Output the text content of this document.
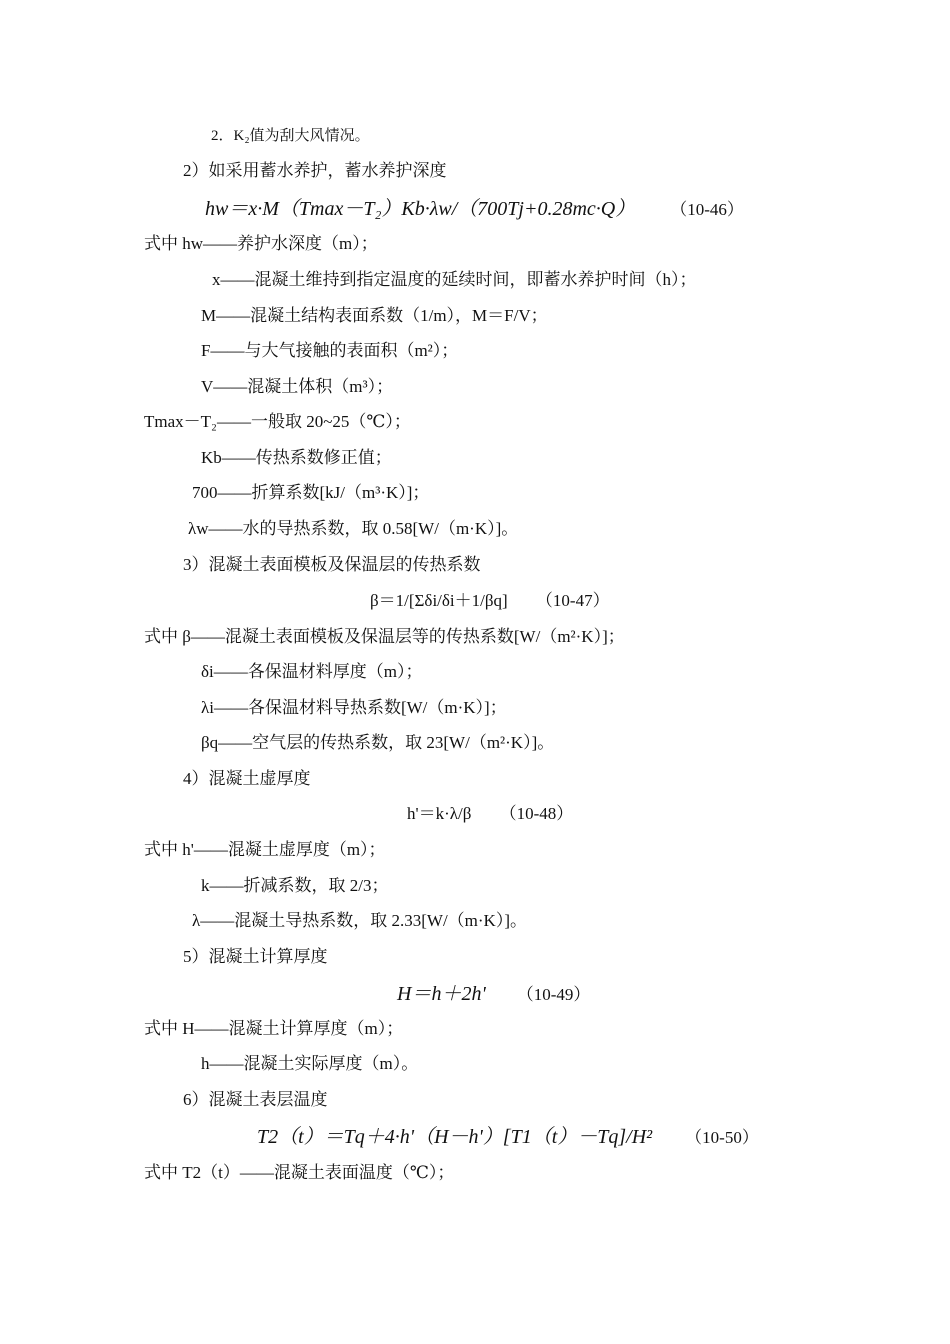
2．K₂值为刮大风情况。
2）如采用蓄水养护，蓄水养护深度
hw＝x·M（Tmax－T₂）Kb·λw/（700Tj+0.28mc·Q） （10-46）
式中 hw——养护水深度（m）；
x——混凝土维持到指定温度的延续时间，即蓄水养护时间（h）；
M——混凝土结构表面系数（1/m），M＝F/V；
F——与大气接触的表面积（m²）；
V——混凝土体积（m³）；
Tmax－T₂——一般取 20~25（℃）；
Kb——传热系数修正值；
700——折算系数[kJ/（m³·K）]；
λw——水的导热系数，取 0.58[W/（m·K）]。
3）混凝土表面模板及保温层的传热系数
β＝1/[Σδi/δi＋1/βq] （10-47）
式中 β——混凝土表面模板及保温层等的传热系数[W/（m²·K）]；
δi——各保温材料厚度（m）；
λi——各保温材料导热系数[W/（m·K）]；
βq——空气层的传热系数，取 23[W/（m²·K）]。
4）混凝土虚厚度
h'＝k·λ/β （10-48）
式中 h'——混凝土虚厚度（m）；
k——折减系数，取 2/3；
λ——混凝土导热系数，取 2.33[W/（m·K）]。
5）混凝土计算厚度
H＝h＋2h' （10-49）
式中 H——混凝土计算厚度（m）；
h——混凝土实际厚度（m）。
6）混凝土表层温度
T2（t）＝Tq＋4·h'（H－h'）[T1（t）－Tq]/H² （10-50）
式中 T2（t）——混凝土表面温度（℃）；
